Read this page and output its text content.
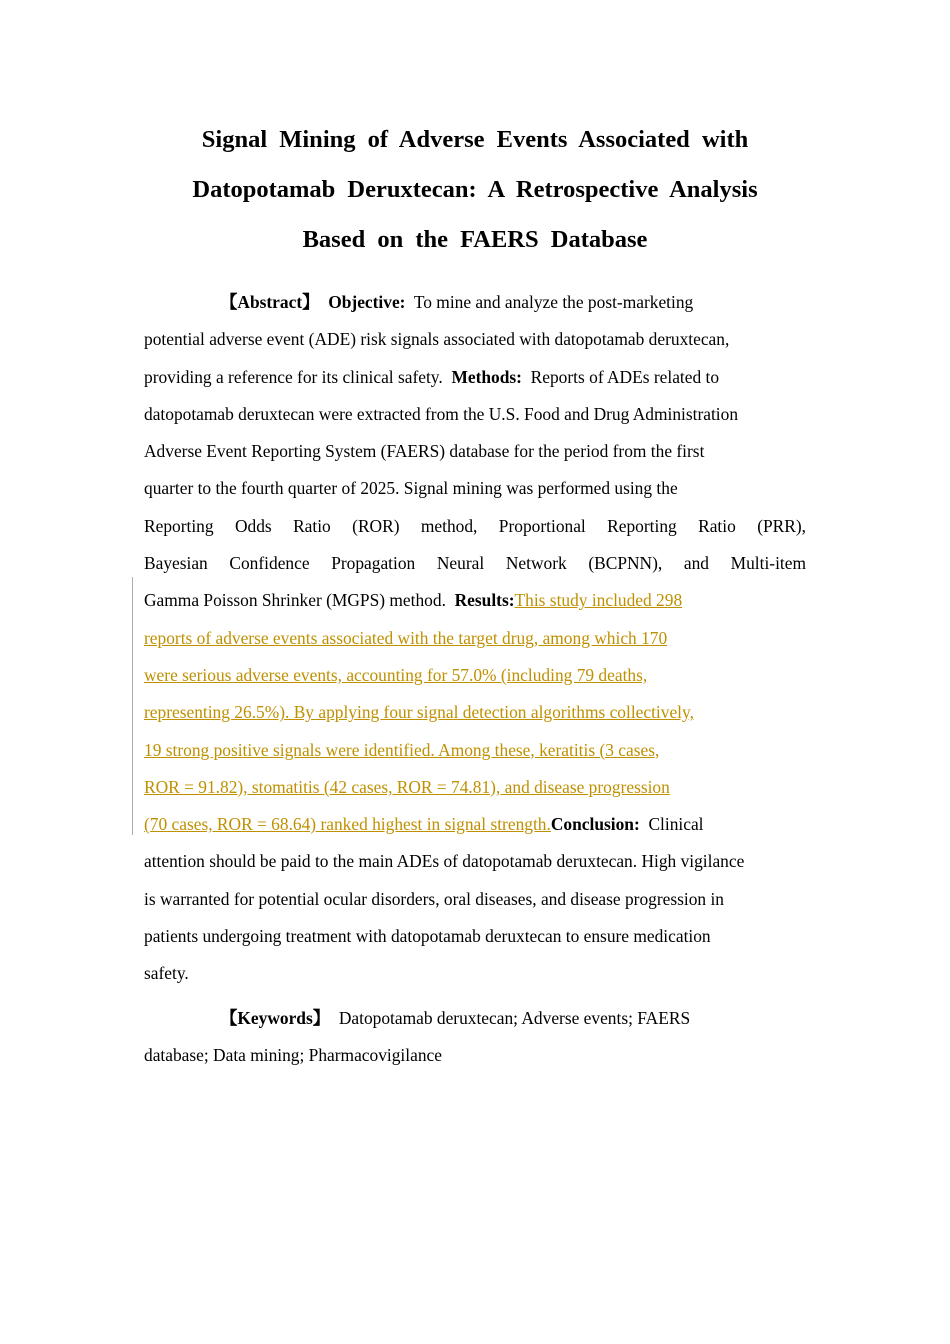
Signal Mining of Adverse Events Associated with
Datopotamab Deruxtecan: A Retrospective Analysis
Based on the FAERS Database
【Abstract】 Objective: To mine and analyze the post-marketing
potential adverse event (ADE) risk signals associated with datopotamab deruxtecan,
providing a reference for its clinical safety. Methods: Reports of ADEs related to
datopotamab deruxtecan were extracted from the U.S. Food and Drug Administration
Adverse Event Reporting System (FAERS) database for the period from the first
quarter to the fourth quarter of 2025. Signal mining was performed using the
Reporting Odds Ratio (ROR) method, Proportional Reporting Ratio (PRR),
Bayesian Confidence Propagation Neural Network (BCPNN), and Multi-item
Gamma Poisson Shrinker (MGPS) method. Results:This study included 298
reports of adverse events associated with the target drug, among which 170
were serious adverse events, accounting for 57.0% (including 79 deaths,
representing 26.5%). By applying four signal detection algorithms collectively,
19 strong positive signals were identified. Among these, keratitis (3 cases,
ROR = 91.82), stomatitis (42 cases, ROR = 74.81), and disease progression
(70 cases, ROR = 68.64) ranked highest in signal strength.Conclusion: Clinical
attention should be paid to the main ADEs of datopotamab deruxtecan. High vigilance
is warranted for potential ocular disorders, oral diseases, and disease progression in
patients undergoing treatment with datopotamab deruxtecan to ensure medication
safety.
【Keywords】 Datopotamab deruxtecan; Adverse events; FAERS
database; Data mining; Pharmacovigilance
